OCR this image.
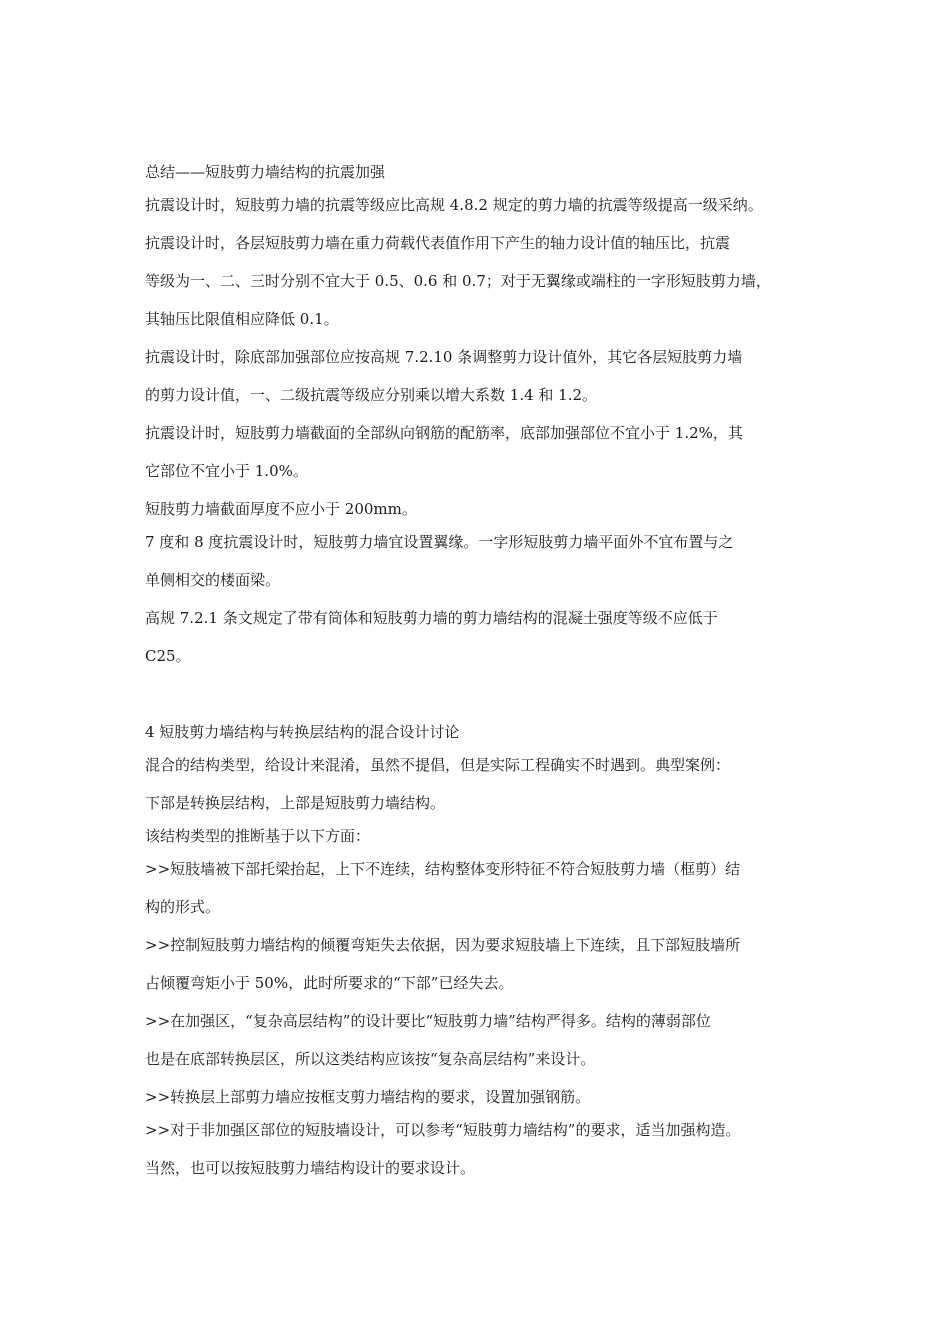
总结——短肢剪力墙结构的抗震加强
抗震设计时，短肢剪力墙的抗震等级应比高规 4.8.2 规定的剪力墙的抗震等级提高一级采纳。
抗震设计时，各层短肢剪力墙在重力荷载代表值作用下产生的轴力设计值的轴压比，抗震
等级为一、二、三时分别不宜大于 0.5、0.6 和 0.7；对于无翼缘或端柱的一字形短肢剪力墙，
其轴压比限值相应降低 0.1。
抗震设计时，除底部加强部位应按高规 7.2.10 条调整剪力设计值外，其它各层短肢剪力墙
的剪力设计值，一、二级抗震等级应分别乘以增大系数 1.4 和 1.2。
抗震设计时，短肢剪力墙截面的全部纵向钢筋的配筋率，底部加强部位不宜小于 1.2%，其
它部位不宜小于 1.0%。
短肢剪力墙截面厚度不应小于 200mm。
7 度和 8 度抗震设计时，短肢剪力墙宜设置翼缘。一字形短肢剪力墙平面外不宜布置与之
单侧相交的楼面梁。
高规 7.2.1 条文规定了带有筒体和短肢剪力墙的剪力墙结构的混凝土强度等级不应低于
C25。
4 短肢剪力墙结构与转换层结构的混合设计讨论
混合的结构类型，给设计来混淆，虽然不提倡，但是实际工程确实不时遇到。典型案例：
下部是转换层结构，上部是短肢剪力墙结构。
该结构类型的推断基于以下方面：
>>短肢墙被下部托梁抬起，上下不连续，结构整体变形特征不符合短肢剪力墙（框剪）结
构的形式。
>>控制短肢剪力墙结构的倾覆弯矩失去依据，因为要求短肢墙上下连续，且下部短肢墙所
占倾覆弯矩小于 50%，此时所要求的“下部”已经失去。
>>在加强区，“复杂高层结构”的设计要比“短肢剪力墙”结构严得多。结构的薄弱部位
也是在底部转换层区，所以这类结构应该按“复杂高层结构”来设计。
>>转换层上部剪力墙应按框支剪力墙结构的要求，设置加强钢筋。
>>对于非加强区部位的短肢墙设计，可以参考“短肢剪力墙结构”的要求，适当加强构造。
当然，也可以按短肢剪力墙结构设计的要求设计。
